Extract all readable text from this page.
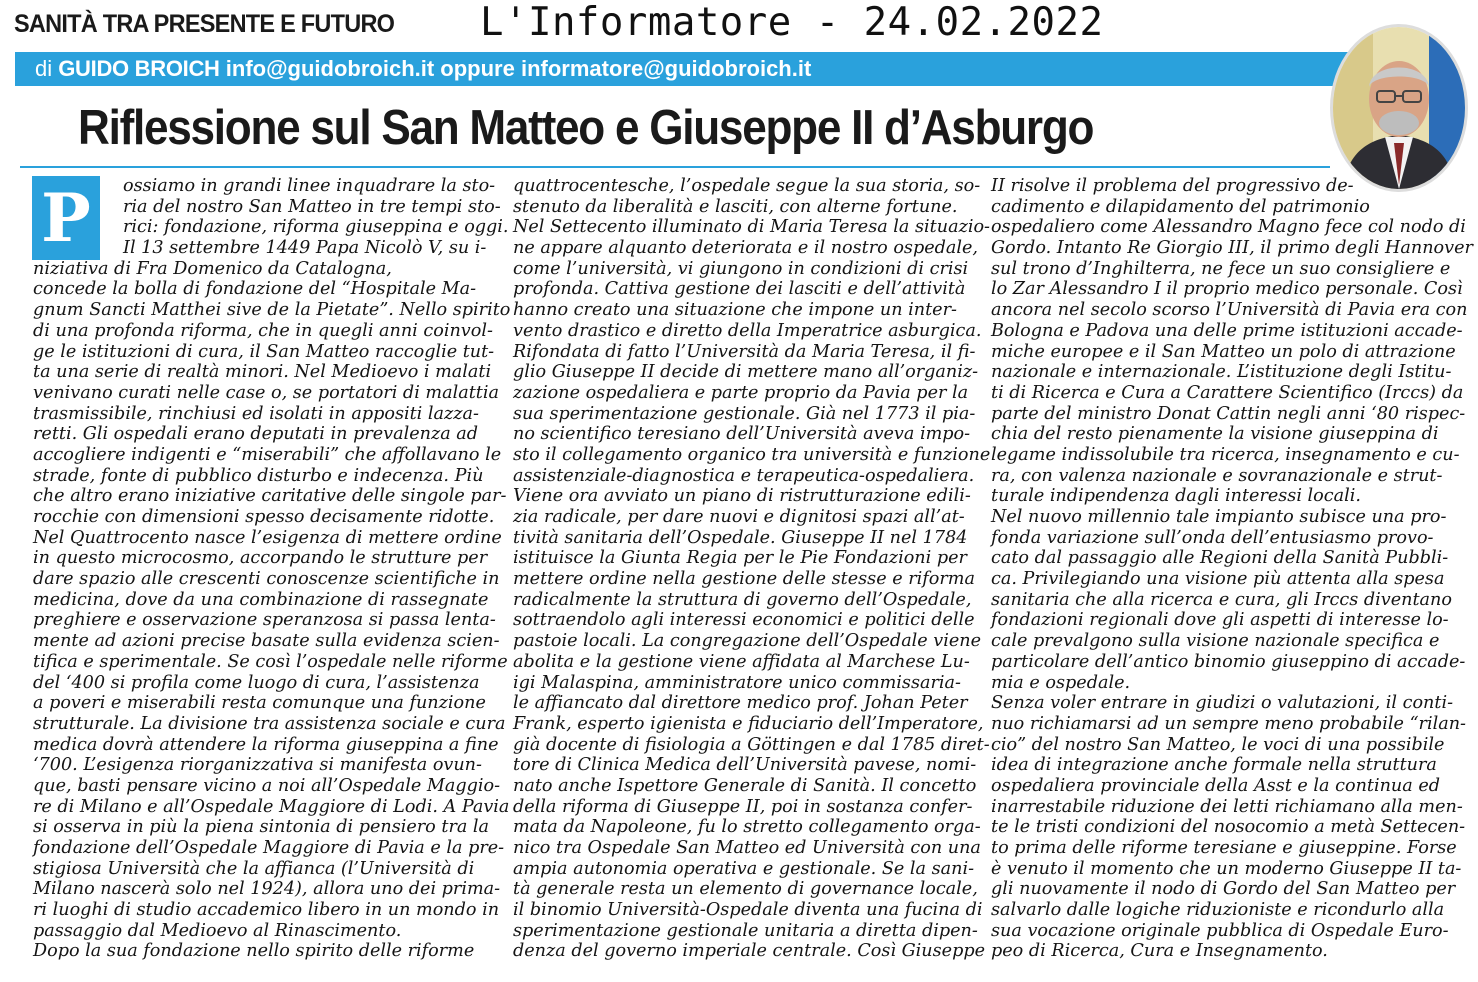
SANITÀ TRA PRESENTE E FUTURO L'Informatore - 24.02.2022
di GUIDO BROICH info@guidobroich.it oppure informatore@guidobroich.it
Riflessione sul San Matteo e Giuseppe II d’Asburgo
P	ossiamo in grandi linee inquadrare la sto-
ria del nostro San Matteo in tre tempi sto-
rici: fondazione, riforma giuseppina e oggi.
Il 13 settembre 1449 Papa Nicolò V, su i-
niziativa di Fra Domenico da Catalogna,
concede la bolla di fondazione del “Hospitale Ma-
gnum Sancti Matthei sive de la Pietate”. Nello spirito
di una profonda riforma, che in quegli anni coinvol-
ge le istituzioni di cura, il San Matteo raccoglie tut-
ta una serie di realtà minori. Nel Medioevo i malati
venivano curati nelle case o, se portatori di malattia
trasmissibile, rinchiusi ed isolati in appositi lazza-
retti. Gli ospedali erano deputati in prevalenza ad
accogliere indigenti e “miserabili” che affollavano le
strade, fonte di pubblico disturbo e indecenza. Più
che altro erano iniziative caritative delle singole par-
rocchie con dimensioni spesso decisamente ridotte.
Nel Quattrocento nasce l’esigenza di mettere ordine
in questo microcosmo, accorpando le strutture per
dare spazio alle crescenti conoscenze scientifiche in
medicina, dove da una combinazione di rassegnate
preghiere e osservazione speranzosa si passa lenta-
mente ad azioni precise basate sulla evidenza scien-
tifica e sperimentale. Se così l’ospedale nelle riforme
del ‘400 si profila come luogo di cura, l’assistenza
a poveri e miserabili resta comunque una funzione
strutturale. La divisione tra assistenza sociale e cura
medica dovrà attendere la riforma giuseppina a fine
‘700. L’esigenza riorganizzativa si manifesta ovun-
que, basti pensare vicino a noi all’Ospedale Maggio-
re di Milano e all’Ospedale Maggiore di Lodi. A Pavia
si osserva in più la piena sintonia di pensiero tra la
fondazione dell’Ospedale Maggiore di Pavia e la pre-
stigiosa Università che la affianca (l’Università di
Milano nascerà solo nel 1924), allora uno dei prima-
ri luoghi di studio accademico libero in un mondo in
passaggio dal Medioevo al Rinascimento.
Dopo la sua fondazione nello spirito delle riforme
quattrocentesche, l’ospedale segue la sua storia, so-
stenuto da liberalità e lasciti, con alterne fortune.
Nel Settecento illuminato di Maria Teresa la situazio-
ne appare alquanto deteriorata e il nostro ospedale,
come l’università, vi giungono in condizioni di crisi
profonda. Cattiva gestione dei lasciti e dell’attività
hanno creato una situazione che impone un inter-
vento drastico e diretto della Imperatrice asburgica.
Rifondata di fatto l’Università da Maria Teresa, il fi-
glio Giuseppe II decide di mettere mano all’organiz-
zazione ospedaliera e parte proprio da Pavia per la
sua sperimentazione gestionale. Già nel 1773 il pia-
no scientifico teresiano dell’Università aveva impo-
sto il collegamento organico tra università e funzione
assistenziale-diagnostica e terapeutica-ospedaliera.
Viene ora avviato un piano di ristrutturazione edili-
zia radicale, per dare nuovi e dignitosi spazi all’at-
tività sanitaria dell’Ospedale. Giuseppe II nel 1784
istituisce la Giunta Regia per le Pie Fondazioni per
mettere ordine nella gestione delle stesse e riforma
radicalmente la struttura di governo dell’Ospedale,
sottraendolo agli interessi economici e politici delle
pastoie locali. La congregazione dell’Ospedale viene
abolita e la gestione viene affidata al Marchese Lu-
igi Malaspina, amministratore unico commissaria-
le affiancato dal direttore medico prof. Johan Peter
Frank, esperto igienista e fiduciario dell’Imperatore,
già docente di fisiologia a Göttingen e dal 1785 diret-
tore di Clinica Medica dell’Università pavese, nomi-
nato anche Ispettore Generale di Sanità. Il concetto
della riforma di Giuseppe II, poi in sostanza confer-
mata da Napoleone, fu lo stretto collegamento orga-
nico tra Ospedale San Matteo ed Università con una
ampia autonomia operativa e gestionale. Se la sani-
tà generale resta un elemento di governance locale,
il binomio Università-Ospedale diventa una fucina di
sperimentazione gestionale unitaria a diretta dipen-
denza del governo imperiale centrale. Così Giuseppe
II risolve il problema del progressivo de-
cadimento e dilapidamento del patrimonio
ospedaliero come Alessandro Magno fece col nodo di
Gordo. Intanto Re Giorgio III, il primo degli Hannover
sul trono d’Inghilterra, ne fece un suo consigliere e
lo Zar Alessandro I il proprio medico personale. Così
ancora nel secolo scorso l’Università di Pavia era con
Bologna e Padova una delle prime istituzioni accade-
miche europee e il San Matteo un polo di attrazione
nazionale e internazionale. L’istituzione degli Istitu-
ti di Ricerca e Cura a Carattere Scientifico (Irccs) da
parte del ministro Donat Cattin negli anni ‘80 rispec-
chia del resto pienamente la visione giuseppina di
legame indissolubile tra ricerca, insegnamento e cu-
ra, con valenza nazionale e sovranazionale e strut-
turale indipendenza dagli interessi locali.
Nel nuovo millennio tale impianto subisce una pro-
fonda variazione sull’onda dell’entusiasmo provo-
cato dal passaggio alle Regioni della Sanità Pubbli-
ca. Privilegiando una visione più attenta alla spesa
sanitaria che alla ricerca e cura, gli Irccs diventano
fondazioni regionali dove gli aspetti di interesse lo-
cale prevalgono sulla visione nazionale specifica e
particolare dell’antico binomio giuseppino di accade-
mia e ospedale.
Senza voler entrare in giudizi o valutazioni, il conti-
nuo richiamarsi ad un sempre meno probabile “rilan-
cio” del nostro San Matteo, le voci di una possibile
idea di integrazione anche formale nella struttura
ospedaliera provinciale della Asst e la continua ed
inarrestabile riduzione dei letti richiamano alla men-
te le tristi condizioni del nosocomio a metà Settecen-
to prima delle riforme teresiane e giuseppine. Forse
è venuto il momento che un moderno Giuseppe II ta-
gli nuovamente il nodo di Gordo del San Matteo per
salvarlo dalle logiche riduzioniste e ricondurlo alla
sua vocazione originale pubblica di Ospedale Euro-
peo di Ricerca, Cura e Insegnamento.
